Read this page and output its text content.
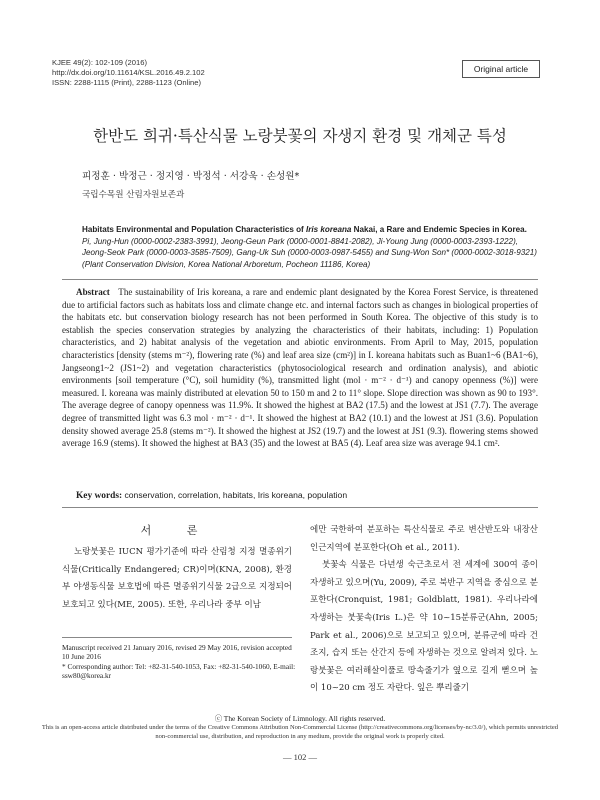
KJEE 49(2): 102-109 (2016)
http://dx.doi.org/10.11614/KSL.2016.49.2.102
ISSN: 2288-1115 (Print), 2288-1123 (Online)
Original article
한반도 희귀·특산식물 노랑붓꽃의 자생지 환경 및 개체군 특성
피정훈 · 박정근 · 정지영 · 박정석 · 서강욱 · 손성원*
국립수목원 산림자원보존과
Habitats Environmental and Population Characteristics of Iris koreana Nakai, a Rare and Endemic Species in Korea. Pi, Jung-Hun (0000-0002-2383-3991), Jeong-Geun Park (0000-0001-8841-2082), Ji-Young Jung (0000-0003-2393-1222), Jeong-Seok Park (0000-0003-3585-7509), Gang-Uk Suh (0000-0003-0987-5455) and Sung-Won Son* (0000-0002-3018-9321) (Plant Conservation Division, Korea National Arboretum, Pocheon 11186, Korea)
Abstract The sustainability of Iris koreana, a rare and endemic plant designated by the Korea Forest Service, is threatened due to artificial factors such as habitats loss and climate change etc. and internal factors such as changes in biological properties of the habitats etc. but conservation biology research has not been performed in South Korea. The objective of this study is to establish the species conservation strategies by analyzing the characteristics of their habitats, including: 1) Population characteristics, and 2) habitat analysis of the vegetation and abiotic environments. From April to May, 2015, population characteristics [density (stems m⁻²), flowering rate (%) and leaf area size (cm²)] in I. koreana habitats such as Buan1~6 (BA1~6), Jangseong1~2 (JS1~2) and vegetation characteristics (phytosociological research and ordination analysis), and abiotic environments [soil temperature (°C), soil humidity (%), transmitted light (mol · m⁻² · d⁻¹) and canopy openness (%)] were measured. I. koreana was mainly distributed at elevation 50 to 150 m and 2 to 11° slope. Slope direction was shown as 90 to 193°. The average degree of canopy openness was 11.9%. It showed the highest at BA2 (17.5) and the lowest at JS1 (7.7). The average degree of transmitted light was 6.3 mol · m⁻² · d⁻¹. It showed the highest at BA2 (10.1) and the lowest at JS1 (3.6). Population density showed average 25.8 (stems m⁻²). It showed the highest at JS2 (19.7) and the lowest at JS1 (9.3). flowering stems showed average 16.9 (stems). It showed the highest at BA3 (35) and the lowest at BA5 (4). Leaf area size was average 94.1 cm².
Key words: conservation, correlation, habitats, Iris koreana, population
서 론

노랑붓꽃은 IUCN 평가기준에 따라 산림청 지정 멸종위기식물(Critically Endangered; CR)이며(KNA, 2008), 환경부 야생동식물 보호법에 따른 멸종위기식물 2급으로 지정되어 보호되고 있다(ME, 2005). 또한, 우리나라 중부 이남

에만 국한하여 분포하는 특산식물로 주로 변산반도와 내장산 인근지역에 분포한다(Oh et al., 2011).

붓꽃속 식물은 다년생 숙근초로서 전 세계에 300여 종이 자생하고 있으며(Yu, 2009), 주로 북반구 지역을 중심으로 분포한다(Cronquist, 1981; Goldblatt, 1981). 우리나라에 자생하는 붓꽃속(Iris L.)은 약 10~15분류군(Ahn, 2005; Park et al., 2006)으로 보고되고 있으며, 분류군에 따라 건조지, 습지 또는 산간지 등에 자생하는 것으로 알려져 있다. 노랑붓꽃은 여러해살이풀로 땅속줄기가 옆으로 길게 뻗으며 높이 10~20 cm 정도 자란다. 잎은 뿌리줄기

Manuscript received 21 January 2016, revised 29 May 2016, revision accepted 10 June 2016
* Corresponding author: Tel: +82-31-540-1053, Fax: +82-31-540-1060, E-mail: ssw80@korea.kr
ⓒ The Korean Society of Limnology. All rights reserved.
This is an open-access article distributed under the terms of the Creative Commons Attribution Non-Commercial License (http://creativecommons.org/licenses/by-nc/3.0/), which permits unrestricted non-commercial use, distribution, and reproduction in any medium, provide the original work is properly cited.
— 102 —
